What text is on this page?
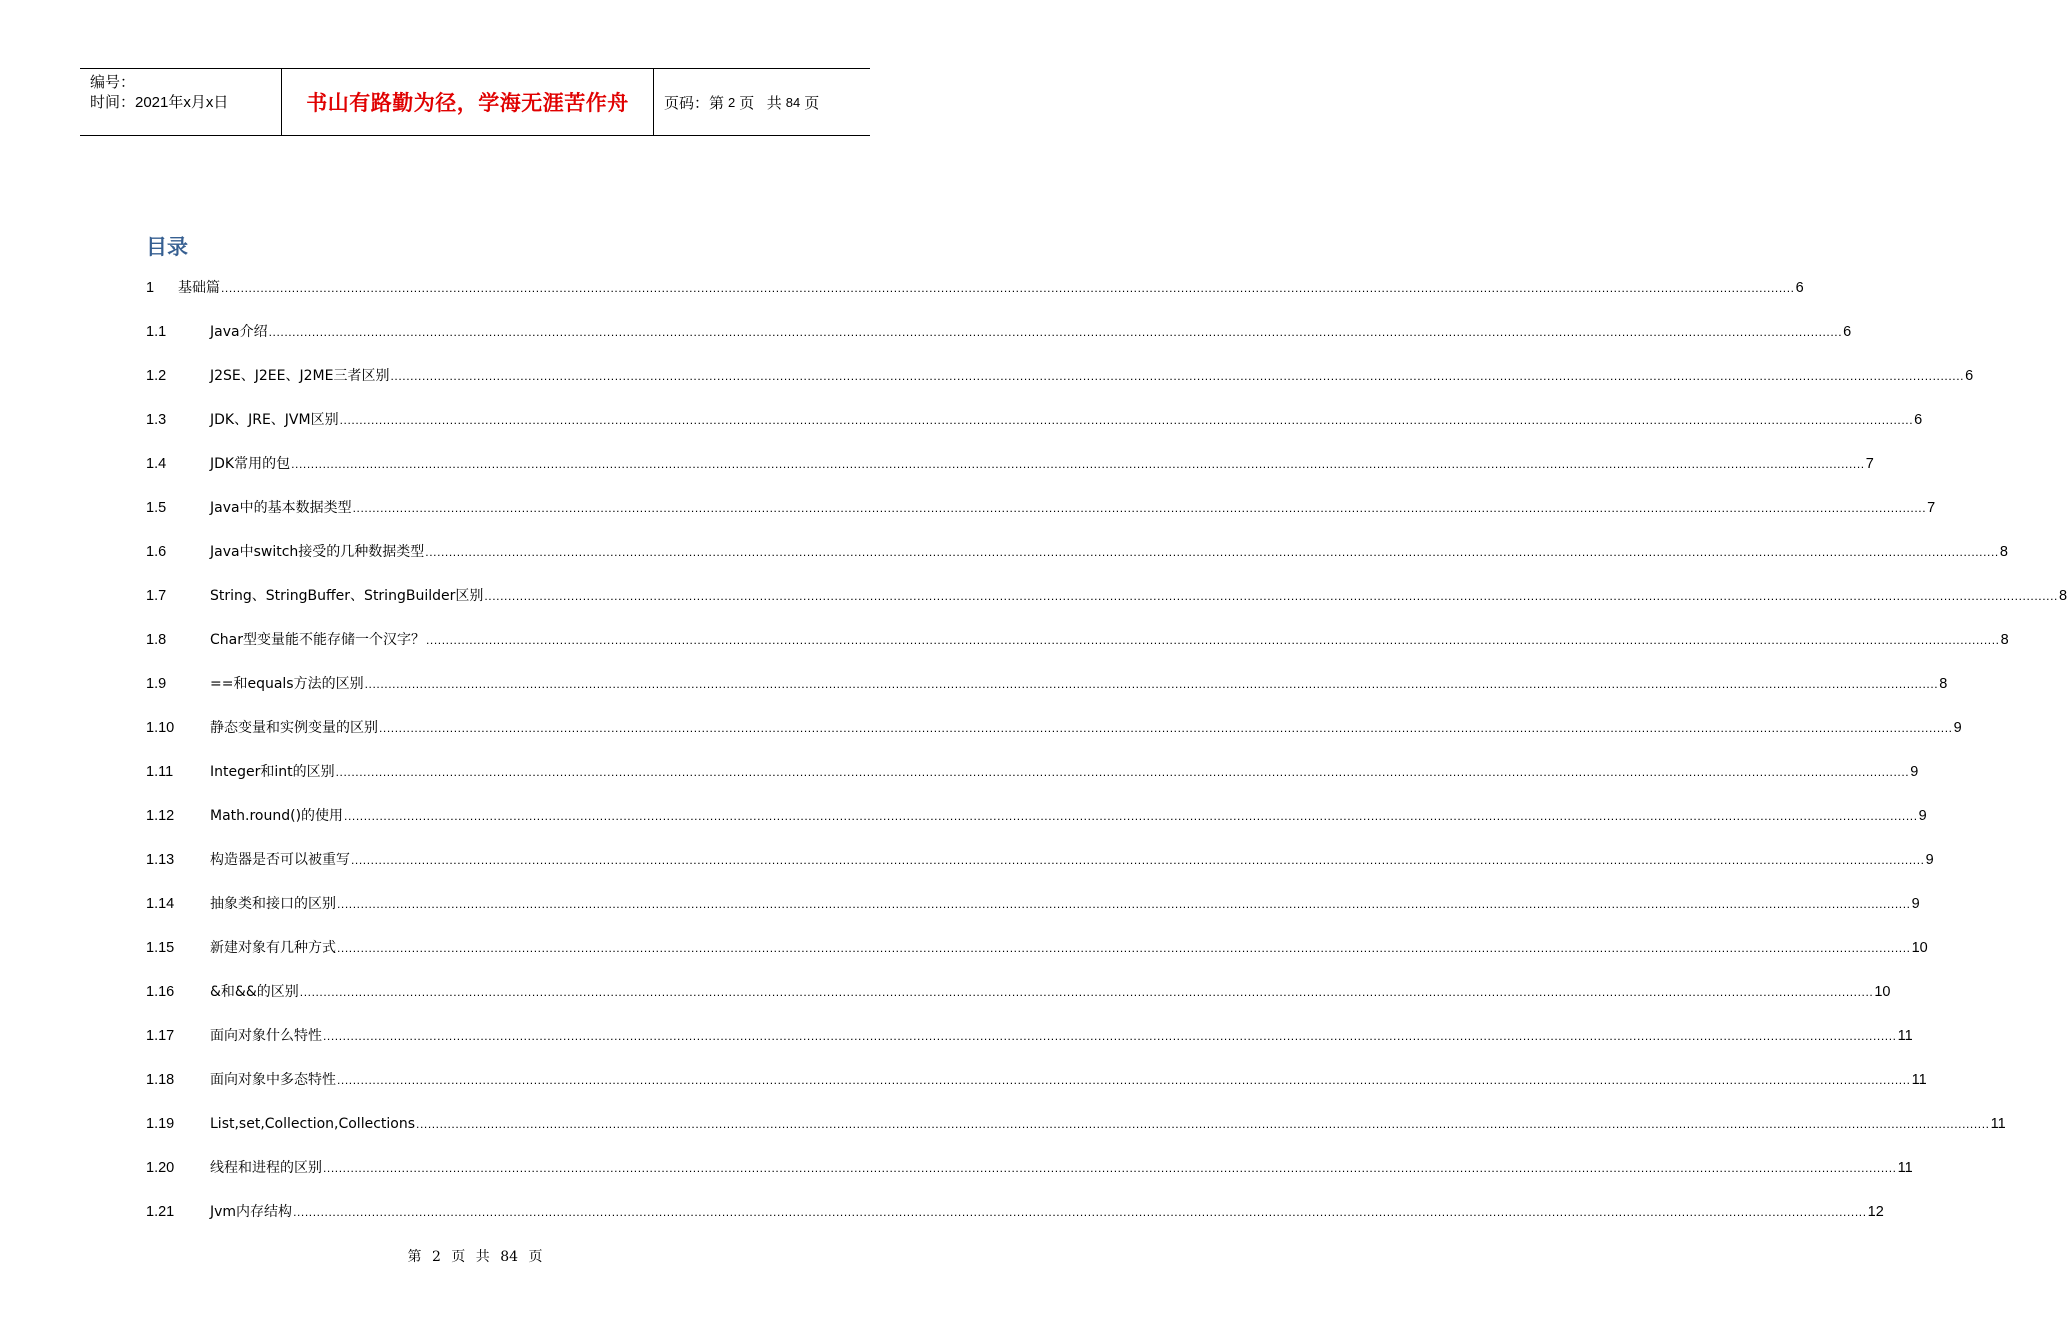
编号：
时间：2021年x月x日	书山有路勤为径，学海无涯苦作舟 页码：第 2 页   共 84 页
目录
1	基础篇 ................................................................................................................................................................................................................................................................................................................................................................................................................ 6
1.1	Java介绍 ................................................................................................................................................................................................................................................................................................................................................................................................................ 6
1.2	J2SE、J2EE、J2ME三者区别 ................................................................................................................................................................................................................................................................................................................................................................................................................ 6
1.3	JDK、JRE、JVM区别 ................................................................................................................................................................................................................................................................................................................................................................................................................ 6
1.4	JDK常用的包 ................................................................................................................................................................................................................................................................................................................................................................................................................ 7
1.5	Java中的基本数据类型 ................................................................................................................................................................................................................................................................................................................................................................................................................ 7
1.6	Java中switch接受的几种数据类型 ................................................................................................................................................................................................................................................................................................................................................................................................................ 8
1.7	String、StringBuffer、StringBuilder区别 ................................................................................................................................................................................................................................................................................................................................................................................................................ 8
1.8	Char型变量能不能存储一个汉字？ ................................................................................................................................................................................................................................................................................................................................................................................................................ 8
1.9	==和equals方法的区别 ................................................................................................................................................................................................................................................................................................................................................................................................................ 8
1.10	静态变量和实例变量的区别 ................................................................................................................................................................................................................................................................................................................................................................................................................ 9
1.11	Integer和int的区别 ................................................................................................................................................................................................................................................................................................................................................................................................................ 9
1.12	Math.round()的使用 ................................................................................................................................................................................................................................................................................................................................................................................................................ 9
1.13	构造器是否可以被重写 ................................................................................................................................................................................................................................................................................................................................................................................................................ 9
1.14	抽象类和接口的区别 ................................................................................................................................................................................................................................................................................................................................................................................................................ 9
1.15	新建对象有几种方式 ................................................................................................................................................................................................................................................................................................................................................................................................................ 10
1.16	&和&&的区别 ................................................................................................................................................................................................................................................................................................................................................................................................................ 10
1.17	面向对象什么特性 ................................................................................................................................................................................................................................................................................................................................................................................................................ 11
1.18	面向对象中多态特性 ................................................................................................................................................................................................................................................................................................................................................................................................................ 11
1.19	List,set,Collection,Collections ................................................................................................................................................................................................................................................................................................................................................................................................................ 11
1.20	线程和进程的区别 ................................................................................................................................................................................................................................................................................................................................................................................................................ 11
1.21	Jvm内存结构 ................................................................................................................................................................................................................................................................................................................................................................................................................ 12
第 2 页 共 84 页
